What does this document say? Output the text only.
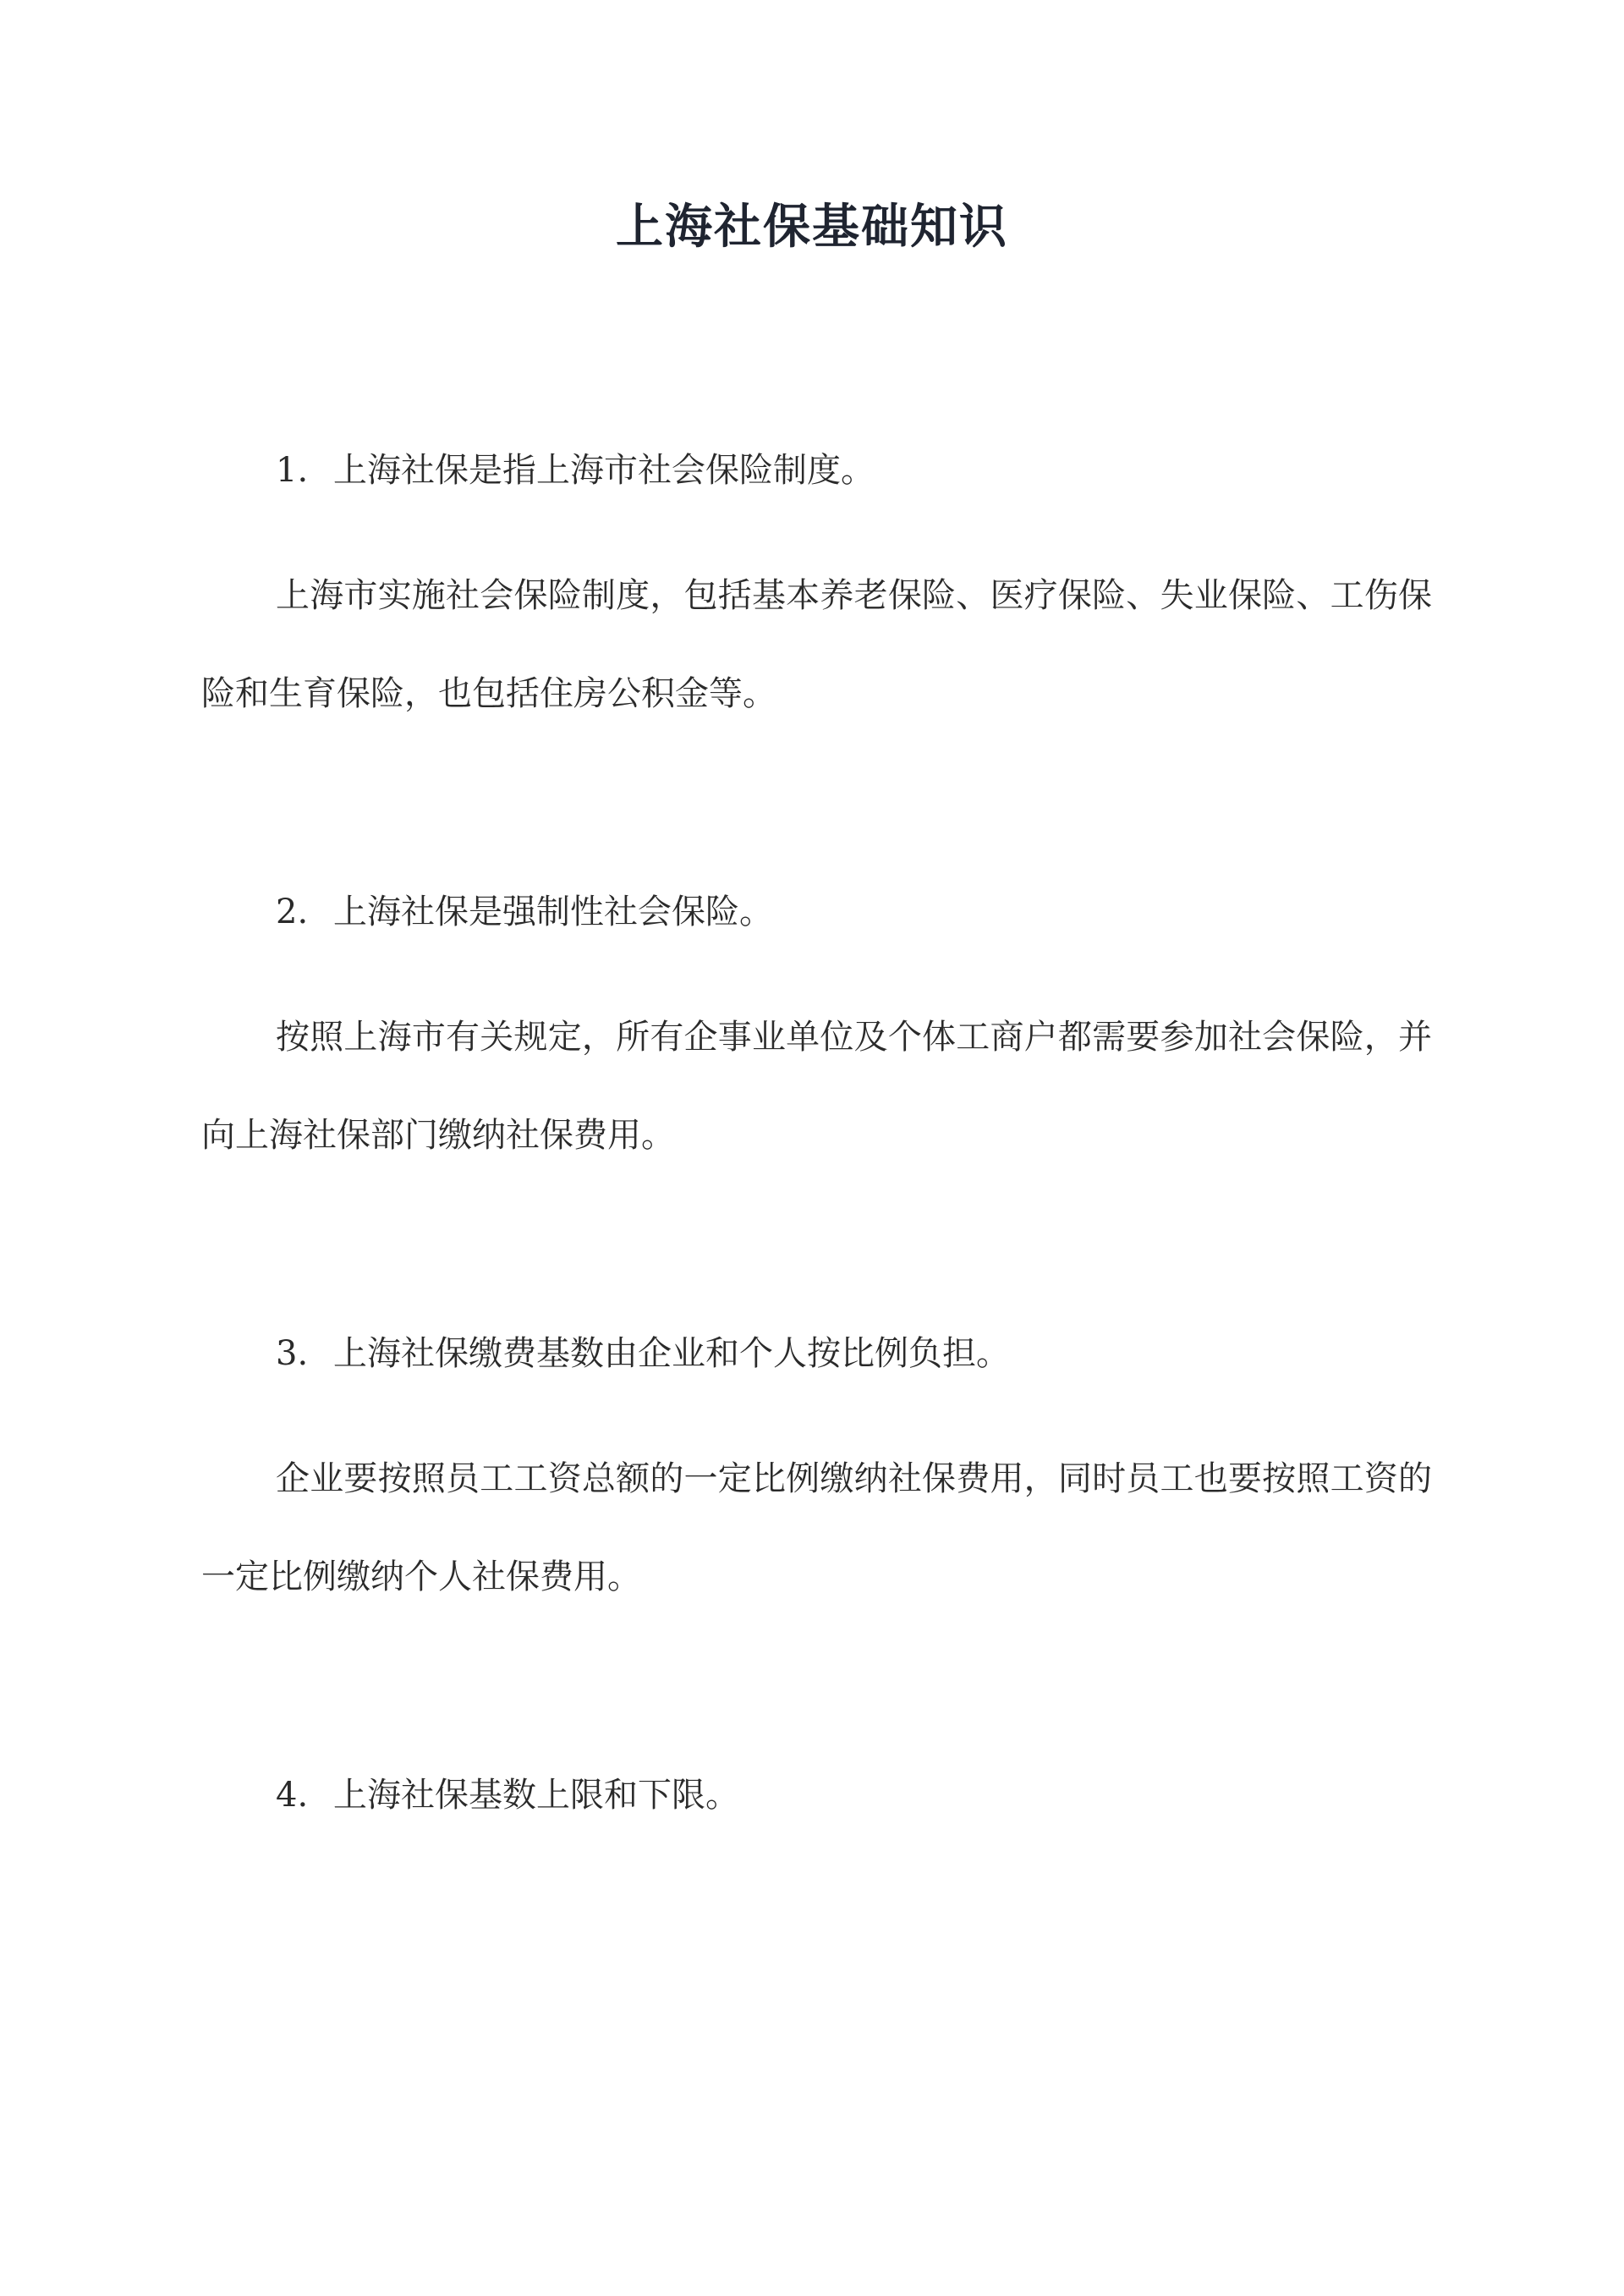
上海社保基础知识
1. 上海社保是指上海市社会保险制度。
上海市实施社会保险制度，包括基本养老保险、医疗保险、失业保险、工伤保险和生育保险，也包括住房公积金等。
2. 上海社保是强制性社会保险。
按照上海市有关规定，所有企事业单位及个体工商户都需要参加社会保险，并向上海社保部门缴纳社保费用。
3. 上海社保缴费基数由企业和个人按比例负担。
企业要按照员工工资总额的一定比例缴纳社保费用，同时员工也要按照工资的一定比例缴纳个人社保费用。
4. 上海社保基数上限和下限。
